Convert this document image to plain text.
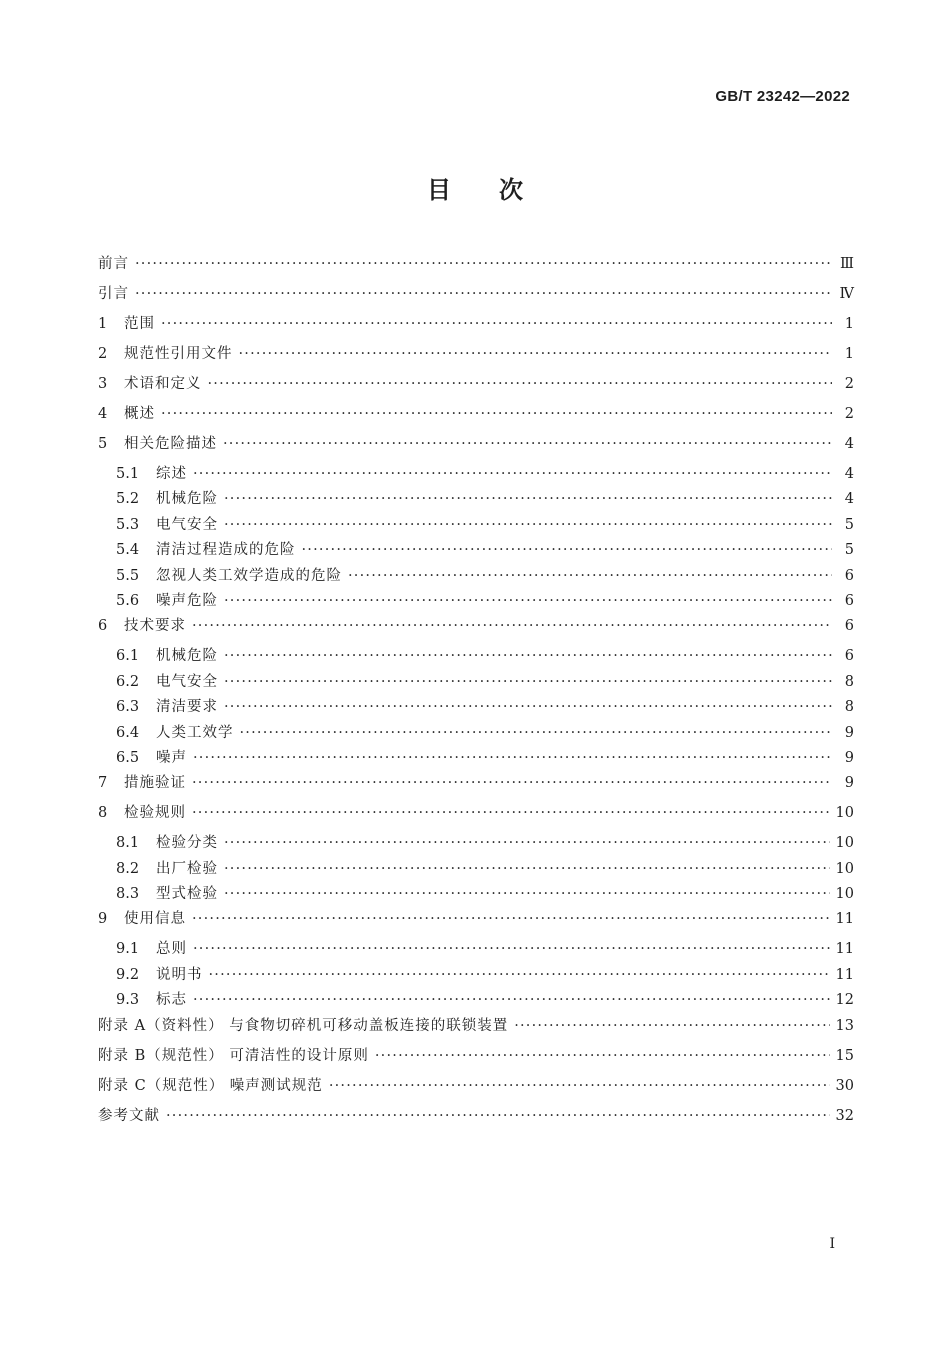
GB/T 23242—2022
目次
前言 ·····	Ⅲ
引言 ·····	Ⅳ
1	范围 ·····	1
2	规范性引用文件 ·····	1
3	术语和定义 ·····	2
4	概述 ·····	2
5	相关危险描述 ·····	4
5.1	综述 ·····	4
5.2	机械危险 ·····	4
5.3	电气安全 ·····	5
5.4	清洁过程造成的危险 ·····	5
5.5	忽视人类工效学造成的危险 ·····	6
5.6	噪声危险 ·····	6
6	技术要求 ·····	6
6.1	机械危险 ·····	6
6.2	电气安全 ·····	8
6.3	清洁要求 ·····	8
6.4	人类工效学 ·····	9
6.5	噪声 ·····	9
7	措施验证 ·····	9
8	检验规则 ·····	10
8.1	检验分类 ·····	10
8.2	出厂检验 ·····	10
8.3	型式检验 ·····	10
9	使用信息 ·····	11
9.1	总则 ·····	11
9.2	说明书 ·····	11
9.3	标志 ·····	12
附录 A（资料性） 与食物切碎机可移动盖板连接的联锁装置 ·····	13
附录 B（规范性） 可清洁性的设计原则 ·····	15
附录 C（规范性） 噪声测试规范 ·····	30
参考文献 ·····	32
I
